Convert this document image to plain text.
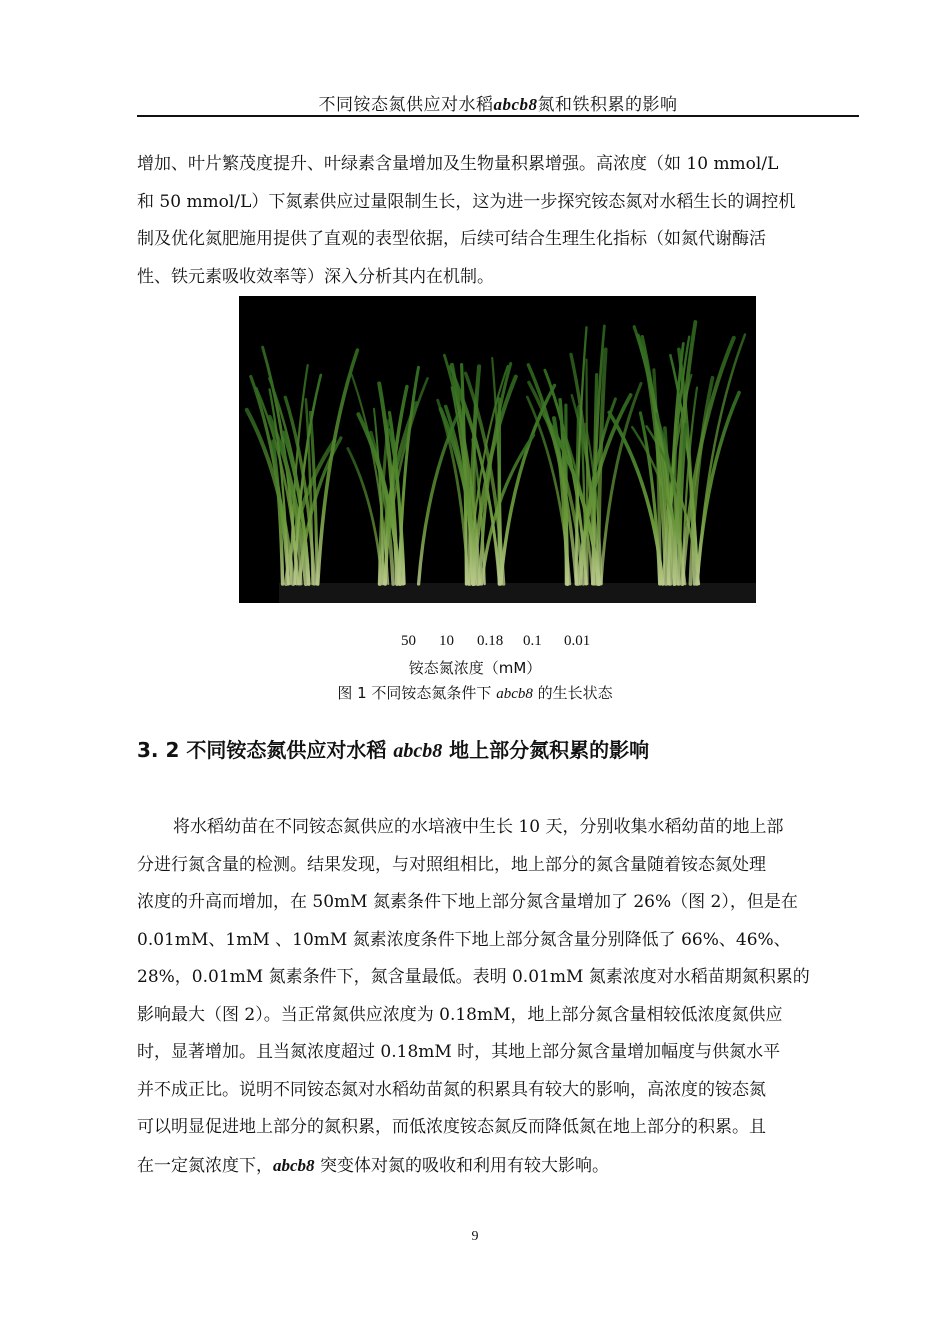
不同铵态氮供应对水稻abcb8氮和铁积累的影响

增加、叶片繁茂度提升、叶绿素含量增加及生物量积累增强。高浓度（如 10 mmol/L

和 50 mmol/L）下氮素供应过量限制生长，这为进一步探究铵态氮对水稻生长的调控机

制及优化氮肥施用提供了直观的表型依据，后续可结合生理生化指标（如氮代谢酶活

性、铁元素吸收效率等）深入分析其内在机制。

50 10 0.18 0.1 0.01
铵态氮浓度（mM）
图 1 不同铵态氮条件下 abcb8 的生长状态
3. 2 不同铵态氮供应对水稻 abcb8 地上部分氮积累的影响

将水稻幼苗在不同铵态氮供应的水培液中生长 10 天，分别收集水稻幼苗的地上部

分进行氮含量的检测。结果发现，与对照组相比，地上部分的氮含量随着铵态氮处理

浓度的升高而增加，在 50mM 氮素条件下地上部分氮含量增加了 26%（图 2），但是在

0.01mM、1mM 、10mM 氮素浓度条件下地上部分氮含量分别降低了 66%、46%、

28%，0.01mM 氮素条件下，氮含量最低。表明 0.01mM 氮素浓度对水稻苗期氮积累的

影响最大（图 2）。当正常氮供应浓度为 0.18mM，地上部分氮含量相较低浓度氮供应

时，显著增加。且当氮浓度超过 0.18mM 时，其地上部分氮含量增加幅度与供氮水平

并不成正比。说明不同铵态氮对水稻幼苗氮的积累具有较大的影响，高浓度的铵态氮

可以明显促进地上部分的氮积累，而低浓度铵态氮反而降低氮在地上部分的积累。且

在一定氮浓度下，abcb8 突变体对氮的吸收和利用有较大影响。

9
